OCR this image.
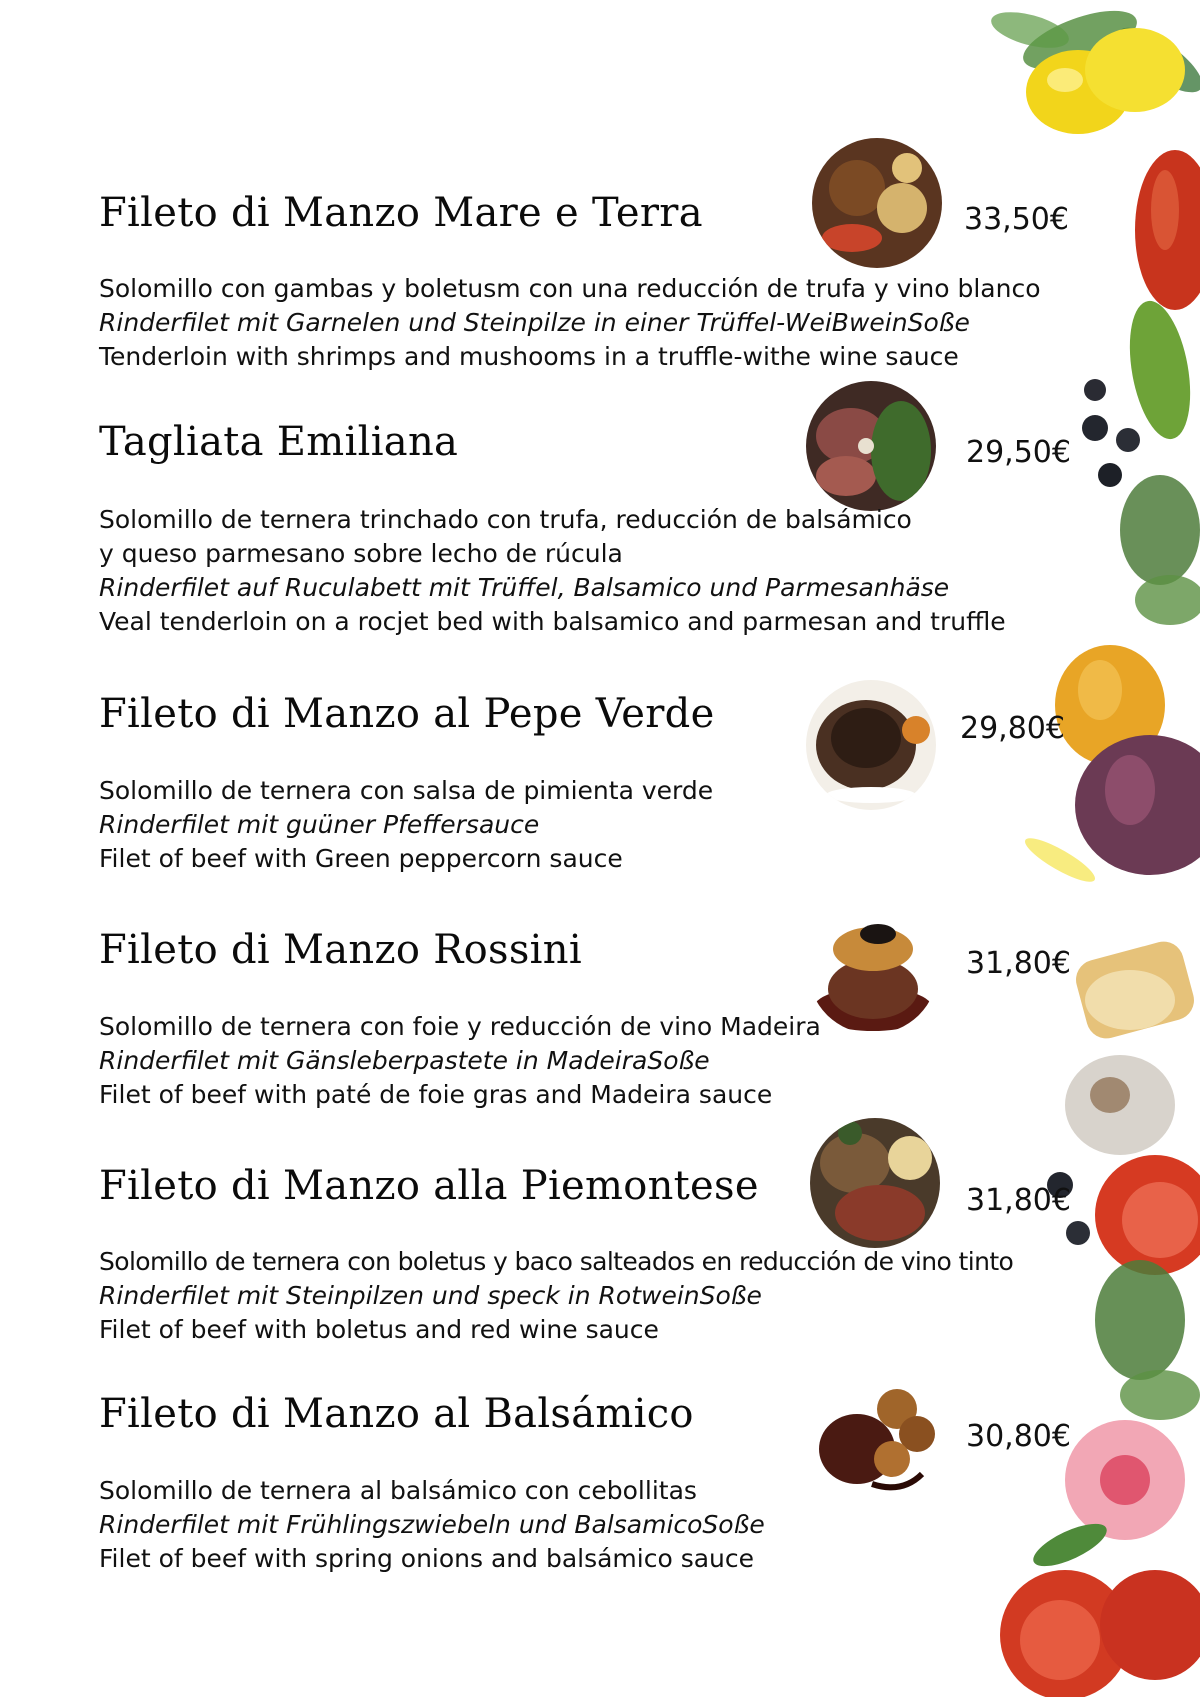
Fileto di Manzo Mare e Terra	33,50€
Solomillo con gambas y boletusm con una reducción de trufa y vino blanco
Rinderfilet mit Garnelen und Steinpilze in einer Trüffel-WeiBweinSoße
Tenderloin with shrimps and mushooms in a truffle-withe wine sauce
Tagliata Emiliana	29,50€
Solomillo de ternera trinchado con trufa, reducción de balsámico
y queso parmesano sobre lecho de rúcula
Rinderfilet auf Ruculabett mit Trüffel, Balsamico und Parmesanhäse
Veal tenderloin on a rocjet bed with balsamico and parmesan and truffle
Fileto di Manzo al Pepe Verde	29,80€
Solomillo de ternera con salsa de pimienta verde
Rinderfilet mit guüner Pfeffersauce
Filet of beef with Green peppercorn sauce
Fileto di Manzo Rossini	31,80€
Solomillo de ternera con foie y reducción de vino Madeira
Rinderfilet mit Gänsleberpastete in MadeiraSoße
Filet of beef with paté de foie gras and Madeira sauce
Fileto di Manzo alla Piemontese	31,80€
Solomillo de ternera con boletus y baco salteados en reducción de vino tinto
Rinderfilet mit Steinpilzen und speck in RotweinSoße
Filet of beef with boletus and red wine sauce
Fileto di Manzo al Balsámico	30,80€
Solomillo de ternera al balsámico con cebollitas
Rinderfilet mit Frühlingszwiebeln und BalsamicoSoße
Filet of beef with spring onions and balsámico sauce
